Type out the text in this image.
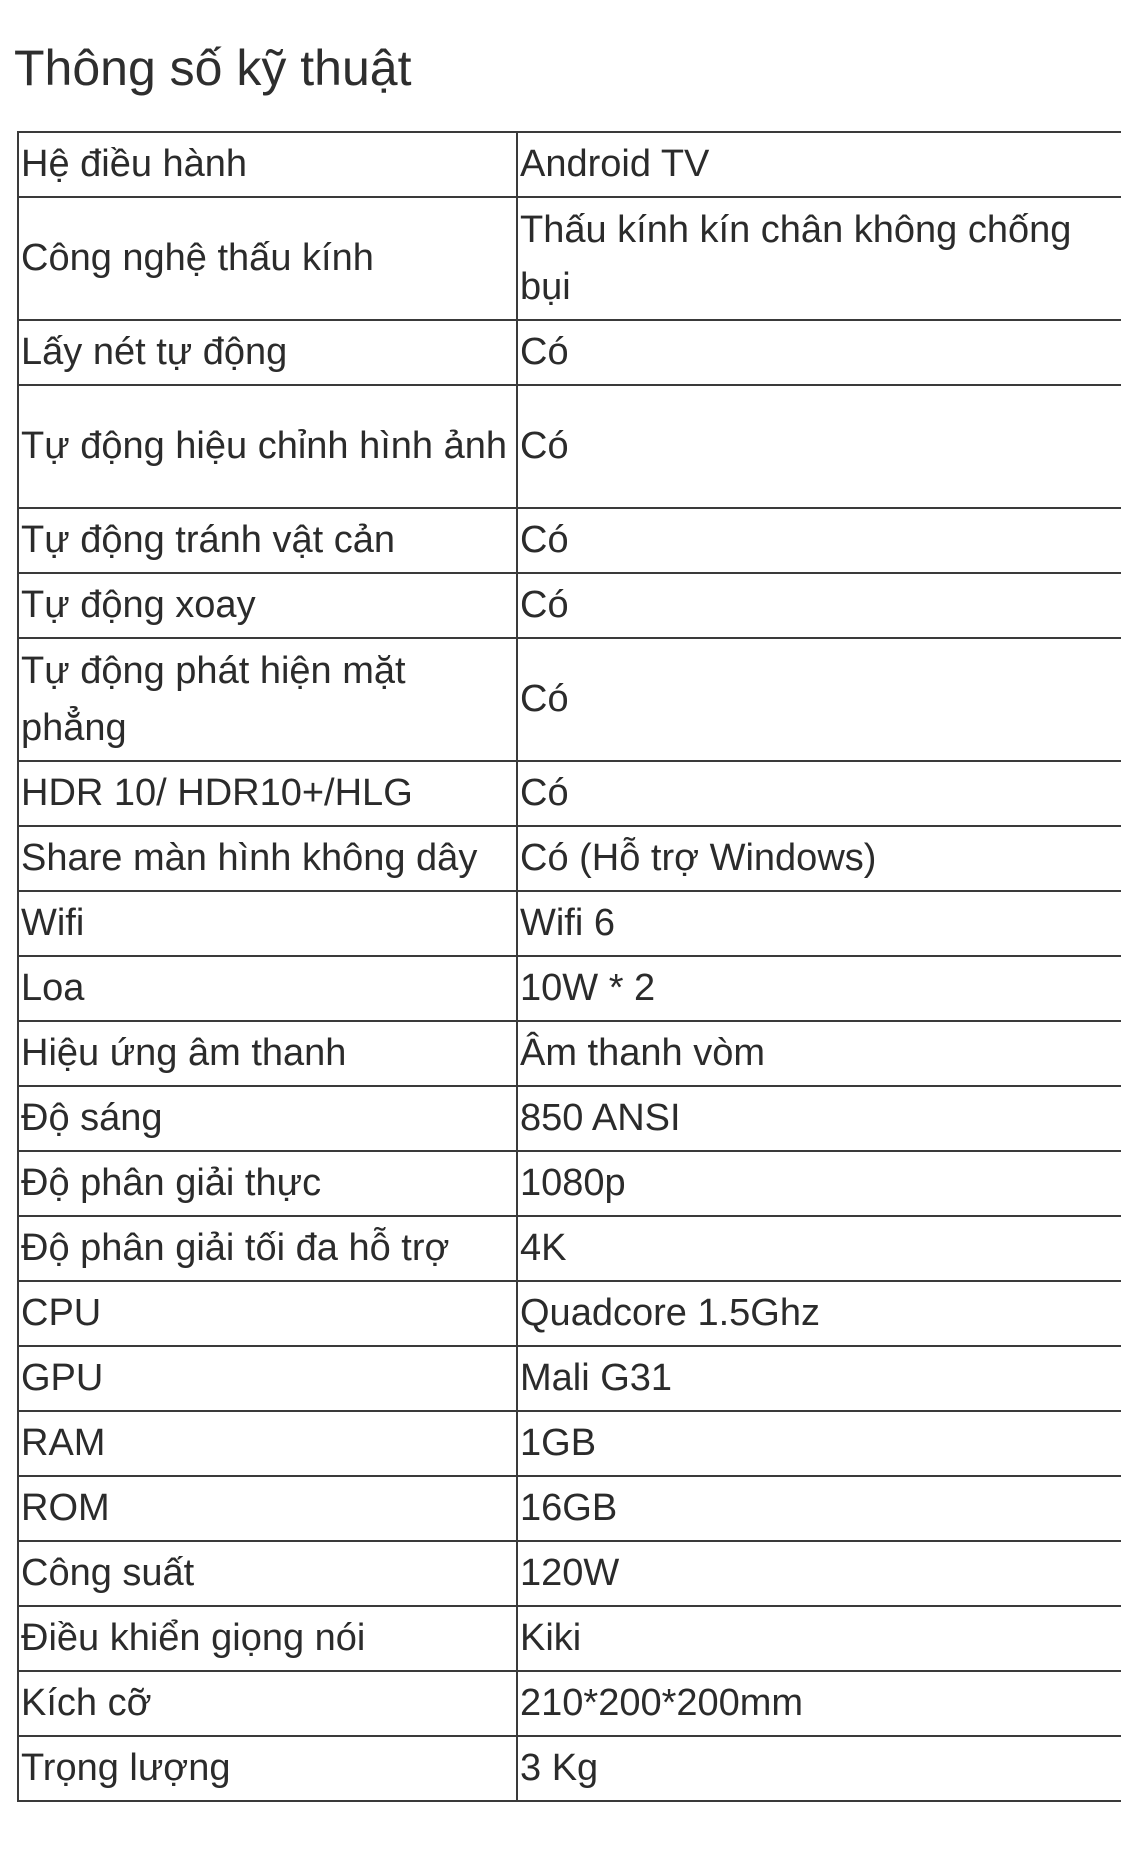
Thông số kỹ thuật
Hệ điều hành	Android TV
Công nghệ thấu kính	Thấu kính kín chân không chống bụi
Lấy nét tự động	Có
Tự động hiệu chỉnh hình ảnh	Có
Tự động tránh vật cản	Có
Tự động xoay	Có
Tự động phát hiện mặt phẳng	Có
HDR 10/ HDR10+/HLG	Có
Share màn hình không dây	Có (Hỗ trợ Windows)
Wifi	Wifi 6
Loa	10W * 2
Hiệu ứng âm thanh	Âm thanh vòm
Độ sáng	850 ANSI
Độ phân giải thực	1080p
Độ phân giải tối đa hỗ trợ	4K
CPU	Quadcore 1.5Ghz
GPU	Mali G31
RAM	1GB
ROM	16GB
Công suất	120W
Điều khiển giọng nói	Kiki
Kích cỡ	210*200*200mm
Trọng lượng	3 Kg
